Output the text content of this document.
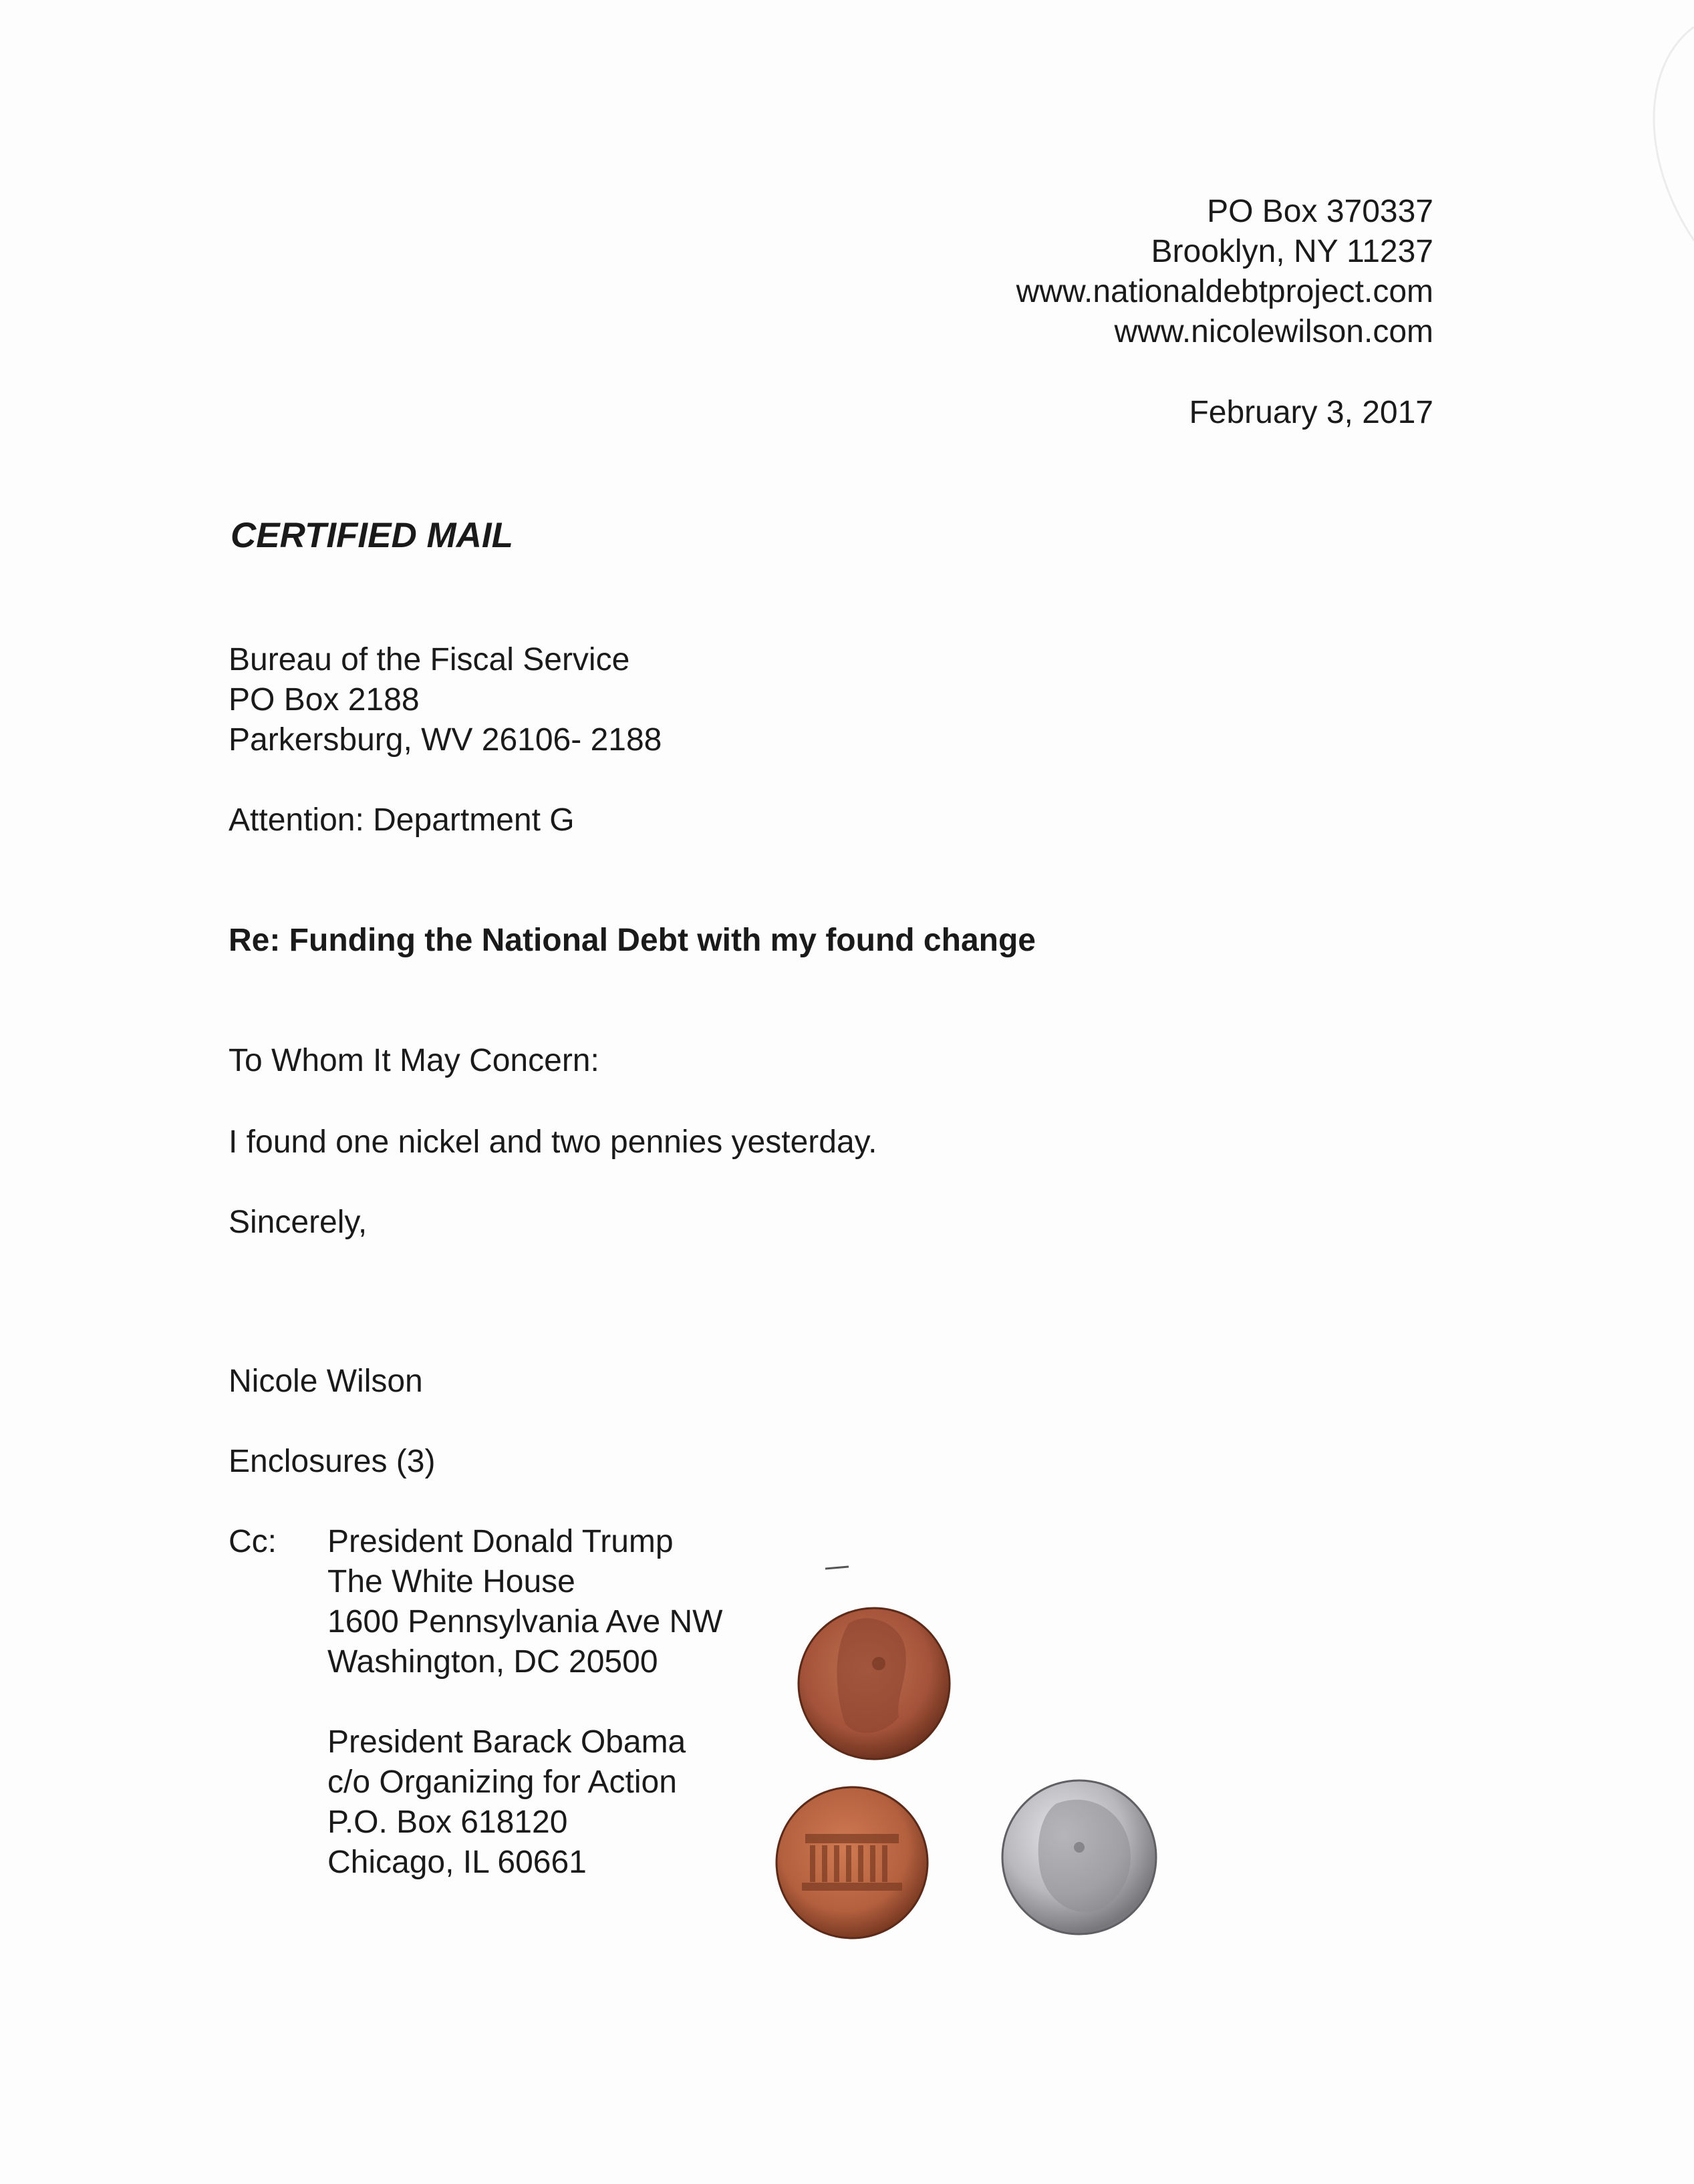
PO Box 370337
Brooklyn, NY 11237
www.nationaldebtproject.com
www.nicolewilson.com
February 3, 2017
CERTIFIED MAIL
Bureau of the Fiscal Service
PO Box 2188
Parkersburg, WV 26106- 2188
Attention: Department G
Re: Funding the National Debt with my found change
To Whom It May Concern:
I found one nickel and two pennies yesterday.
Sincerely,
Nicole Wilson
Enclosures (3)
Cc: President Donald Trump
The White House
1600 Pennsylvania Ave NW
Washington, DC 20500
President Barack Obama
c/o Organizing for Action
P.O. Box 618120
Chicago, IL 60661
